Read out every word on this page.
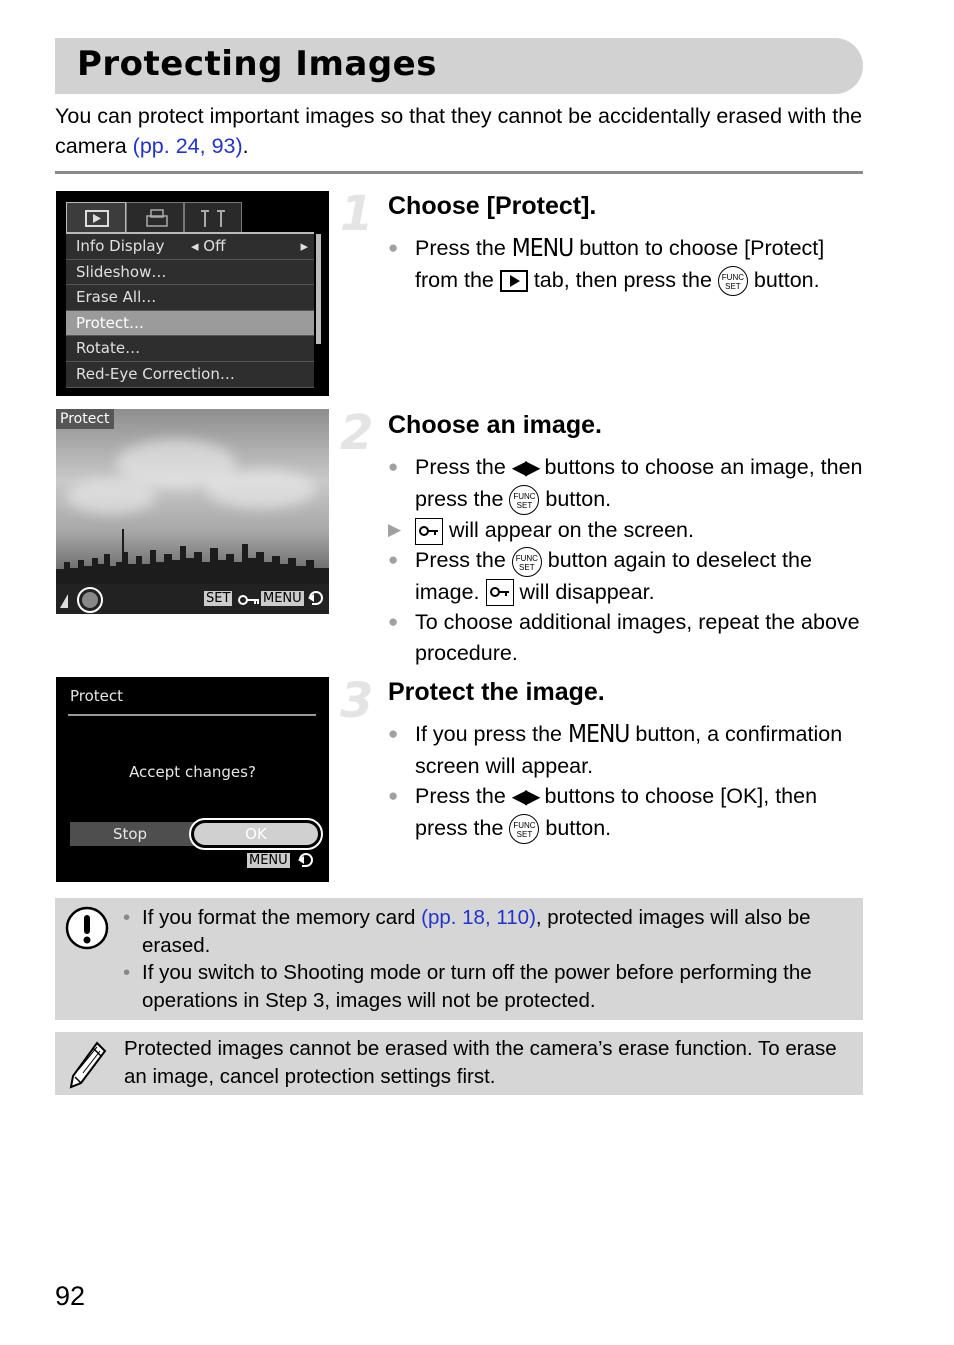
Protecting Images

You can protect important images so that they cannot be accidentally erased with the camera (pp. 24, 93).

Info Display ◂ Off	▸
Slideshow…
Erase All…
Protect…
Rotate…
Red-Eye Correction…
Protect
SET	MENU
Protect
Accept changes?
Stop	OK
MENU
1 Choose [Protect].
● Press the MENU button to choose [Protect] from the  tab, then press the FUNC
SET button.
2 Choose an image.
● Press the ◀▶ buttons to choose an image, then press the FUNC
SET button.
▶ will appear on the screen.
● Press the FUNC
SET button again to deselect the image.  will disappear.
● To choose additional images, repeat the above procedure.
3 Protect the image.
● If you press the MENU button, a confirmation screen will appear.
● Press the ◀▶ buttons to choose [OK], then press the FUNC
SET button.
• If you format the memory card (pp. 18, 110), protected images will also be erased.
• If you switch to Shooting mode or turn off the power before performing the operations in Step 3, images will not be protected.

Protected images cannot be erased with the camera’s erase function. To erase an image, cancel protection settings first.

92
